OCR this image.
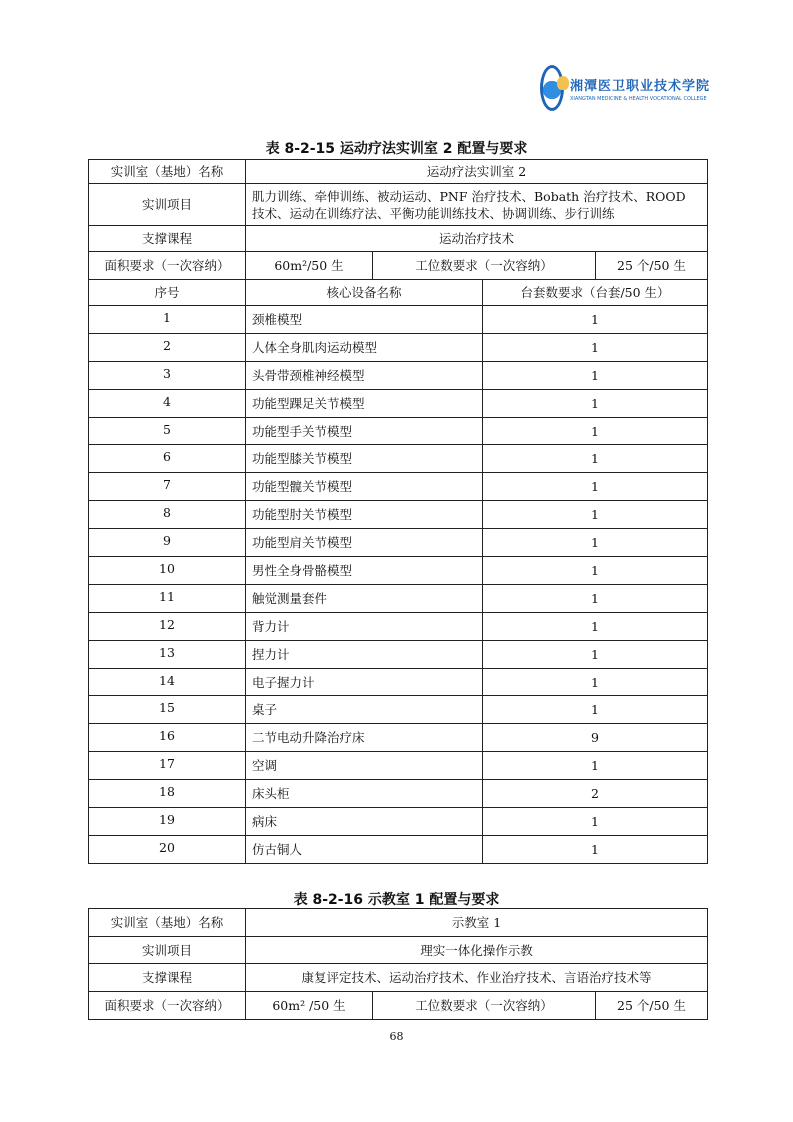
湘潭医卫职业技术学院
XIANGTAN MEDICINE & HEALTH VOCATIONAL COLLEGE
表 8-2-15 运动疗法实训室 2 配置与要求
实训室（基地）名称	运动疗法实训室 2			
实训项目	肌力训练、牵伸训练、被动运动、PNF 治疗技术、Bobath 治疗技术、ROOD 技术、运动在训练疗法、平衡功能训练技术、协调训练、步行训练			
支撑课程	运动治疗技术			
面积要求（一次容纳）	60m²/50 生	工位数要求（一次容纳）		25 个/50 生
序号	核心设备名称		台套数要求（台套/50 生）	
1	颈椎模型		1	
2	人体全身肌肉运动模型		1	
3	头骨带颈椎神经模型		1	
4	功能型踝足关节模型		1	
5	功能型手关节模型		1	
6	功能型膝关节模型		1	
7	功能型髋关节模型		1	
8	功能型肘关节模型		1	
9	功能型肩关节模型		1	
10	男性全身骨骼模型		1	
11	触觉测量套件		1	
12	背力计		1	
13	捏力计		1	
14	电子握力计		1	
15	桌子		1	
16	二节电动升降治疗床		9	
17	空调		1	
18	床头柜		2	
19	病床		1	
20	仿古铜人		1	
表 8-2-16 示教室 1 配置与要求
实训室（基地）名称	示教室 1		
实训项目	理实一体化操作示教		
支撑课程	康复评定技术、运动治疗技术、作业治疗技术、言语治疗技术等		
面积要求（一次容纳）	60m² /50 生	工位数要求（一次容纳）	25 个/50 生
68
